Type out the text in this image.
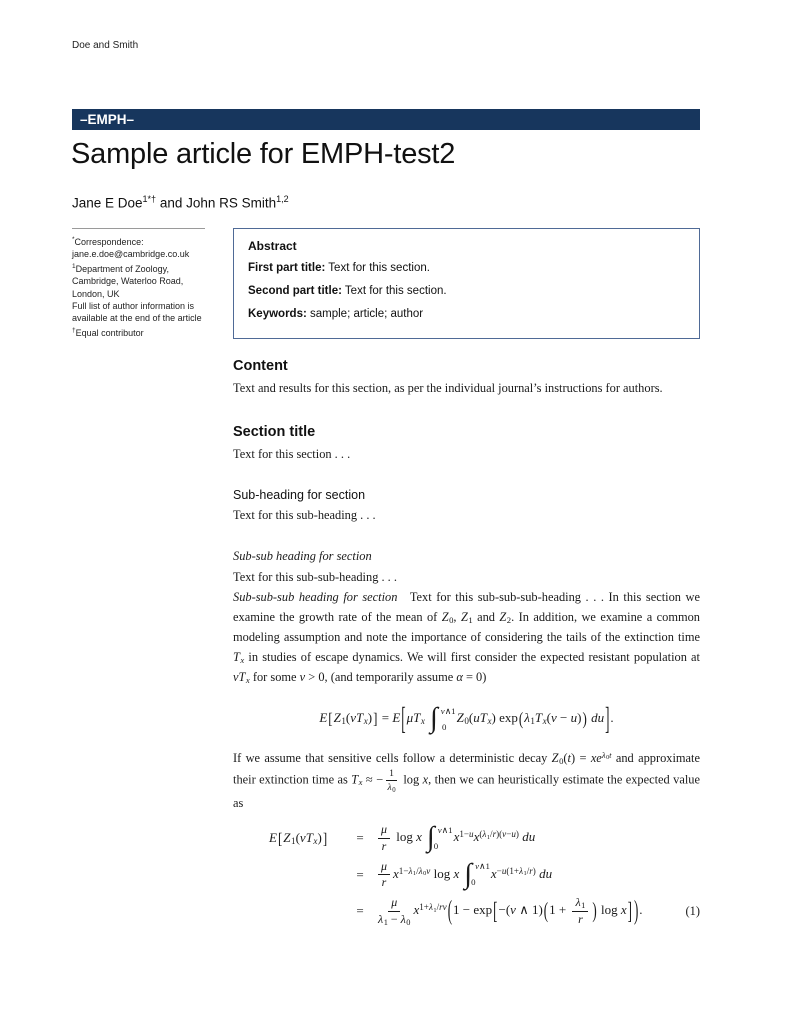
Doe and Smith
–EMPH–
Sample article for EMPH-test2
Jane E Doe$^{1*\dagger}$ and John RS Smith$^{1,2}$
*Correspondence:
jane.e.doe@cambridge.co.uk
$^1$Department of Zoology,
Cambridge, Waterloo Road,
London, UK
Full list of author information is
available at the end of the article
†Equal contributor
Abstract
First part title: Text for this section.
Second part title: Text for this section.
Keywords: sample; article; author
Content

Text and results for this section, as per the individual journal’s instructions for authors.

Section title

Text for this section . . .

Sub-heading for section

Text for this sub-heading . . .

Sub-sub heading for section

Text for this sub-sub-heading . . .

Sub-sub-sub heading for section  Text for this sub-sub-sub-heading . . . In this section we examine the growth rate of the mean of Z0, Z1 and Z2. In addition, we examine a common modeling assumption and note the importance of considering the tails of the extinction time Tx in studies of escape dynamics. We will first consider the expected resistant population at vTx for some v > 0, (and temporarily assume α = 0)

E[Z1(vTx)] = E[μTx ∫ v∧1
0
Z0(uTx) exp(λ1Tx(v − u)) du].

If we assume that sensitive cells follow a deterministic decay $Z0(t) = xe^{\lambda 0t}$ and approximate their extinction time as Tx ≈ − $\frac{1}{\lambda 0}$ log x, then we can heuristically estimate the expected value as

E[Z1(vTx)]	=	$\frac{\mu}{r}$ log x ∫ v∧1
0
$x^{1-u}x^{(\lambda 1/r)(v-u)}$ du
=	$\frac{\mu}{r} x^{1-\lambda 1/\lambda 0v}$ log x ∫ v∧1
0
$x^{-u(1+\lambda 1/r)}$ du
=	$\frac{\mu}{\lambda 1 - \lambda 0} x^{1+\lambda 1/rv}(1 - \exp[-(v$ ∧ $1)(1 + \frac{\lambda 1}{r}$ ) log x] ).	(1)
